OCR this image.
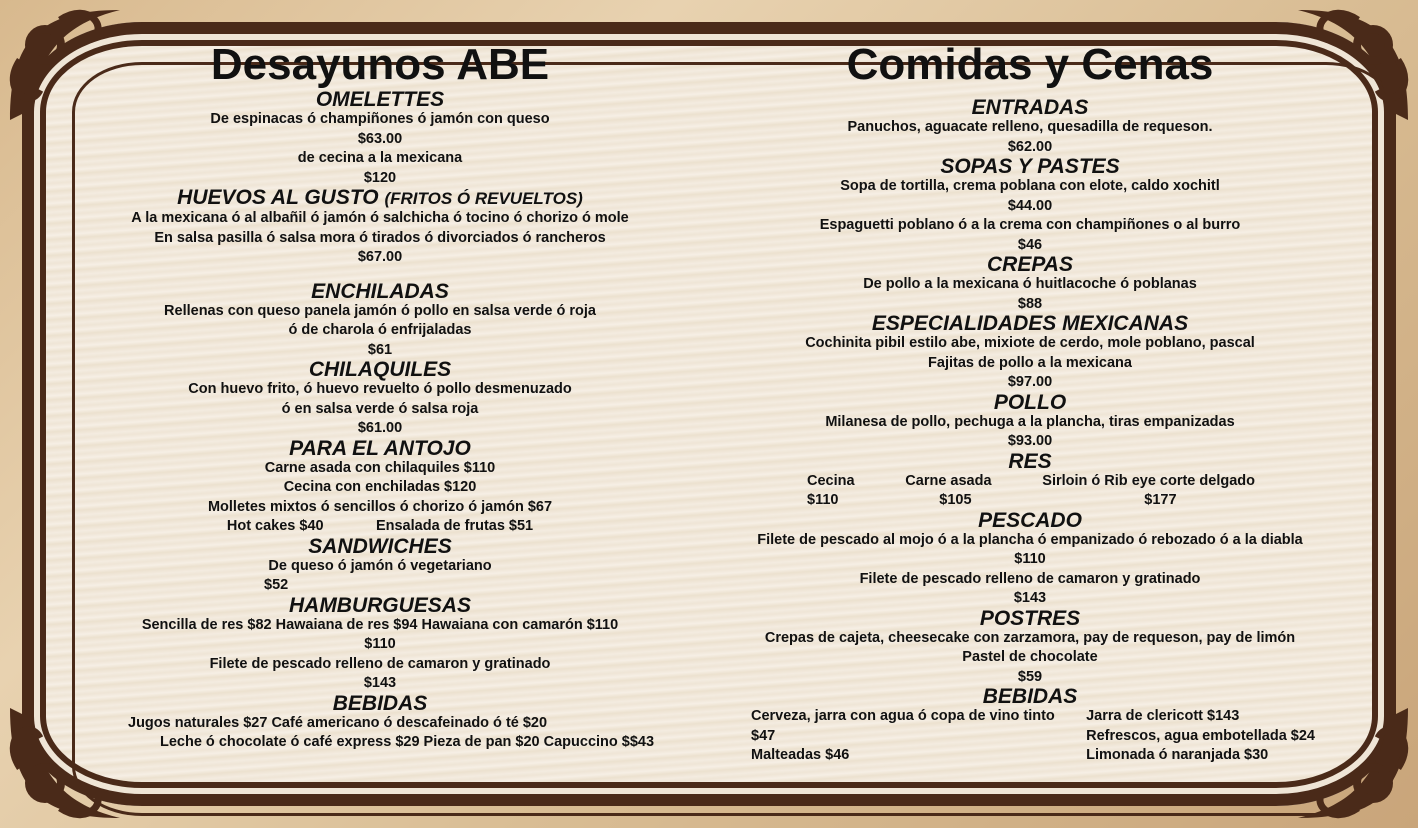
Desayunos ABE

OMELETTES

De espinacas ó champiñones ó jamón con queso

$63.00

de cecina a la mexicana

$120

HUEVOS AL GUSTO (FRITOS Ó REVUELTOS)

A la mexicana ó al albañil ó jamón ó salchicha ó tocino ó chorizo ó mole

En salsa pasilla ó salsa mora ó tirados ó divorciados ó rancheros

$67.00

ENCHILADAS

Rellenas con queso panela jamón ó pollo en salsa verde ó roja

ó de charola ó enfrijaladas

$61

CHILAQUILES

Con huevo frito, ó huevo revuelto ó pollo desmenuzado

ó en salsa verde ó salsa roja

$61.00

PARA EL ANTOJO

Carne asada con chilaquiles $110

Cecina con enchiladas $120

Molletes mixtos ó sencillos ó chorizo ó jamón $67

Hot cakes $40	Ensalada de frutas $51

SANDWICHES

De queso ó jamón ó vegetariano

$52

HAMBURGUESAS

Sencilla de res $82 Hawaiana de res $94 Hawaiana con camarón $110

$110

Filete de pescado relleno de camaron y gratinado

$143

BEBIDAS

Jugos naturales $27 Café americano ó descafeinado ó té $20

Leche ó chocolate ó café express $29 Pieza de pan $20 Capuccino $$43

Comidas y Cenas

ENTRADAS

Panuchos, aguacate relleno, quesadilla de requeson.

$62.00

SOPAS Y PASTES

Sopa de tortilla, crema poblana con elote, caldo xochitl

$44.00

Espaguetti poblano ó a la crema con champiñones o al burro

$46

CREPAS

De pollo a la mexicana ó huitlacoche ó poblanas

$88

ESPECIALIDADES MEXICANAS

Cochinita pibil estilo abe, mixiote de cerdo, mole poblano, pascal

Fajitas de pollo a la mexicana

$97.00

POLLO

Milanesa de pollo, pechuga a la plancha, tiras empanizadas

$93.00

RES

Cecina
$110
Carne asada
$105
Sirloin ó Rib eye corte delgado
$177

PESCADO

Filete de pescado al mojo ó a la plancha ó empanizado ó rebozado ó a la diabla

$110

Filete de pescado relleno de camaron y gratinado

$143

POSTRES

Crepas de cajeta, cheesecake con zarzamora, pay de requeson, pay de limón

Pastel de chocolate

$59

BEBIDAS

Cerveza, jarra con agua ó copa de vino tinto
$47
Malteadas $46
Jarra de clericott $143
Refrescos, agua embotellada $24
Limonada ó naranjada $30
